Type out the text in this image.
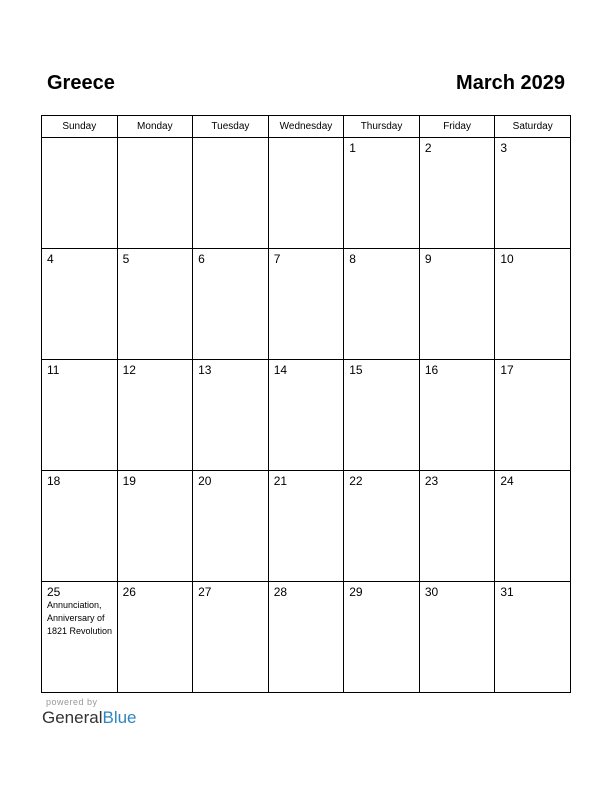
Greece	March 2029
Sunday	Monday	Tuesday	Wednesday	Thursday	Friday	Saturday

				1	2	3

4	5	6	7	8	9	10

11	12	13	14	15	16	17

18	19	20	21	22	23	24

25
Annunciation, Anniversary of 1821 Revolution	26	27	28	29	30	31
powered by
GeneralBlue
